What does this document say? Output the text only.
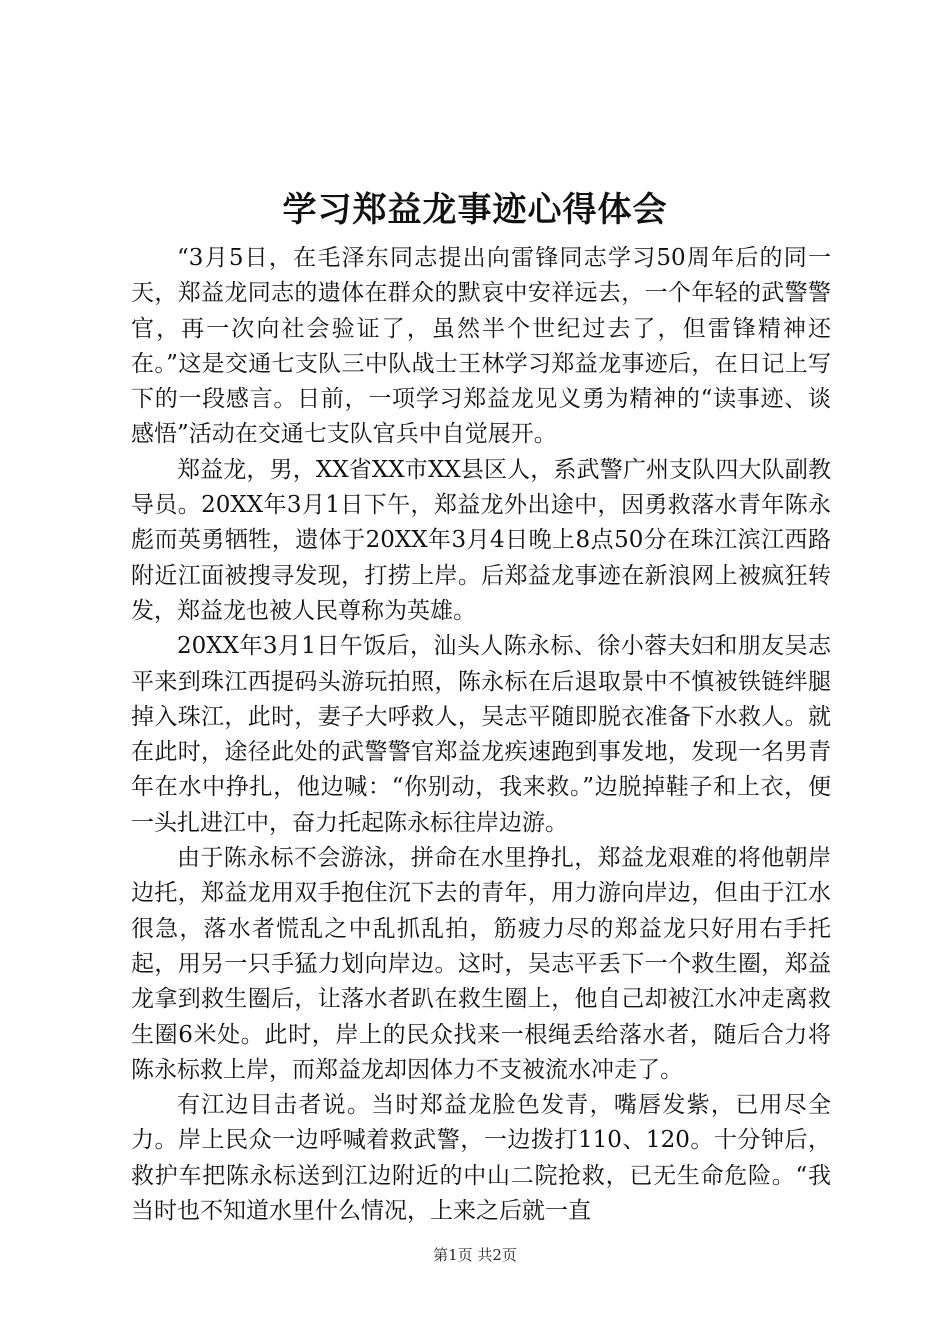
学习郑益龙事迹心得体会

“3月5日，在毛泽东同志提出向雷锋同志学习50周年后的同一天，郑益龙同志的遗体在群众的默哀中安祥远去，一个年轻的武警警官，再一次向社会验证了，虽然半个世纪过去了，但雷锋精神还在。”这是交通七支队三中队战士王林学习郑益龙事迹后，在日记上写下的一段感言。日前，一项学习郑益龙见义勇为精神的“读事迹、谈感悟”活动在交通七支队官兵中自觉展开。

郑益龙，男，XX省XX市XX县区人，系武警广州支队四大队副教导员。20XX年3月1日下午，郑益龙外出途中，因勇救落水青年陈永彪而英勇牺牲，遗体于20XX年3月4日晚上8点50分在珠江滨江西路附近江面被搜寻发现，打捞上岸。后郑益龙事迹在新浪网上被疯狂转发，郑益龙也被人民尊称为英雄。

20XX年3月1日午饭后，汕头人陈永标、徐小蓉夫妇和朋友吴志平来到珠江西提码头游玩拍照，陈永标在后退取景中不慎被铁链绊腿掉入珠江，此时，妻子大呼救人，吴志平随即脱衣准备下水救人。就在此时，途径此处的武警警官郑益龙疾速跑到事发地，发现一名男青年在水中挣扎，他边喊：“你别动，我来救。”边脱掉鞋子和上衣，便一头扎进江中，奋力托起陈永标往岸边游。

由于陈永标不会游泳，拼命在水里挣扎，郑益龙艰难的将他朝岸边托，郑益龙用双手抱住沉下去的青年，用力游向岸边，但由于江水很急，落水者慌乱之中乱抓乱拍，筋疲力尽的郑益龙只好用右手托起，用另一只手猛力划向岸边。这时，吴志平丢下一个救生圈，郑益龙拿到救生圈后，让落水者趴在救生圈上，他自己却被江水冲走离救生圈6米处。此时，岸上的民众找来一根绳丢给落水者，随后合力将陈永标救上岸，而郑益龙却因体力不支被流水冲走了。

有江边目击者说。当时郑益龙脸色发青，嘴唇发紫，已用尽全力。岸上民众一边呼喊着救武警，一边拨打110、120。十分钟后，救护车把陈永标送到江边附近的中山二院抢救，已无生命危险。“我当时也不知道水里什么情况，上来之后就一直

第1页 共2页
